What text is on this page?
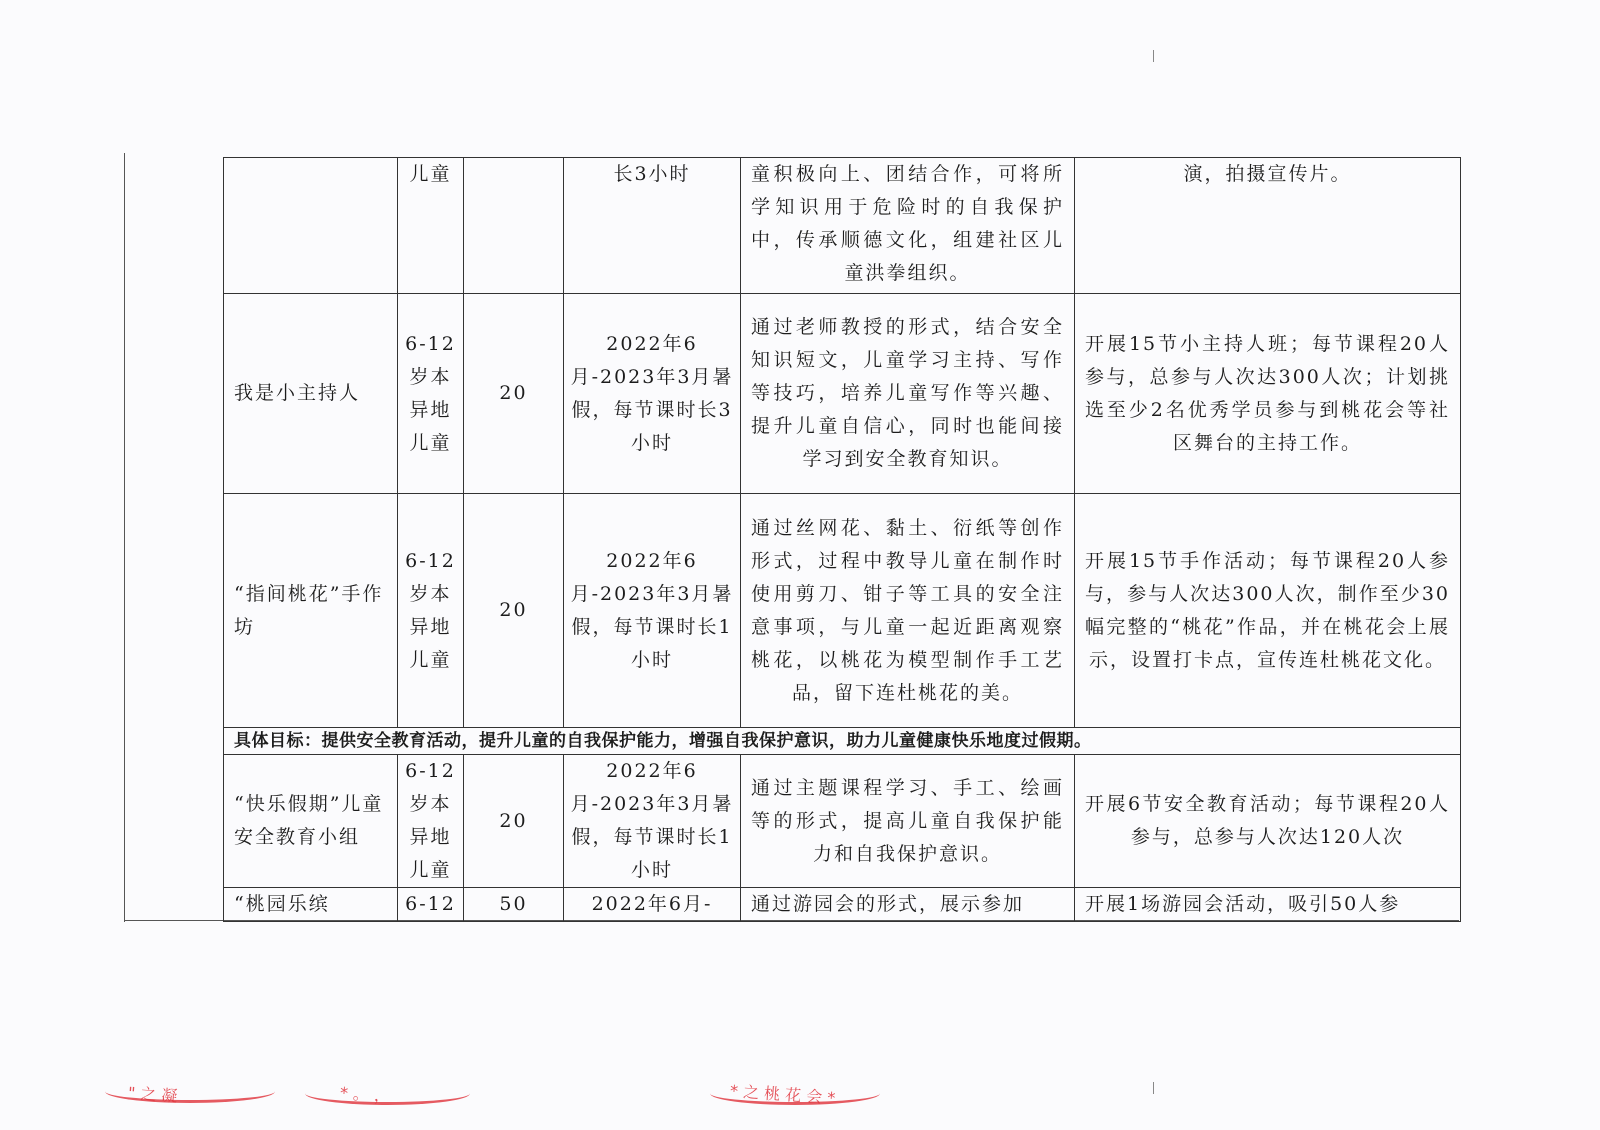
	儿童		长3小时	童积极向上、团结合作，可将所学知识用于危险时的自我保护中，传承顺德文化，组建社区儿童洪拳组织。	演，拍摄宣传片。
我是小主持人	6-12岁本异地儿童	20	2022年6月-2023年3月暑假，每节课时长3小时	通过老师教授的形式，结合安全知识短文，儿童学习主持、写作等技巧，培养儿童写作等兴趣、提升儿童自信心，同时也能间接学习到安全教育知识。	开展15节小主持人班；每节课程20人参与，总参与人次达300人次；计划挑选至少2名优秀学员参与到桃花会等社区舞台的主持工作。
“指间桃花”手作坊	6-12岁本异地儿童	20	2022年6月-2023年3月暑假，每节课时长1小时	通过丝网花、黏土、衍纸等创作形式，过程中教导儿童在制作时使用剪刀、钳子等工具的安全注意事项，与儿童一起近距离观察桃花，以桃花为模型制作手工艺品，留下连杜桃花的美。	开展15节手作活动；每节课程20人参与，参与人次达300人次，制作至少30幅完整的“桃花”作品，并在桃花会上展示，设置打卡点，宣传连杜桃花文化。
具体目标：提供安全教育活动，提升儿童的自我保护能力，增强自我保护意识，助力儿童健康快乐地度过假期。					
“快乐假期”儿童安全教育小组	6-12岁本异地儿童	20	2022年6月-2023年3月暑假，每节课时长1小时	通过主题课程学习、手工、绘画等的形式，提高儿童自我保护能力和自我保护意识。	开展6节安全教育活动；每节课程20人参与，总参与人次达120人次
“桃园乐缤	6-12	50	2022年6月-	通过游园会的形式，展示参加	开展1场游园会活动，吸引50人参
" 之 凝	* 。 ，	* 之 桃 花 会 *
